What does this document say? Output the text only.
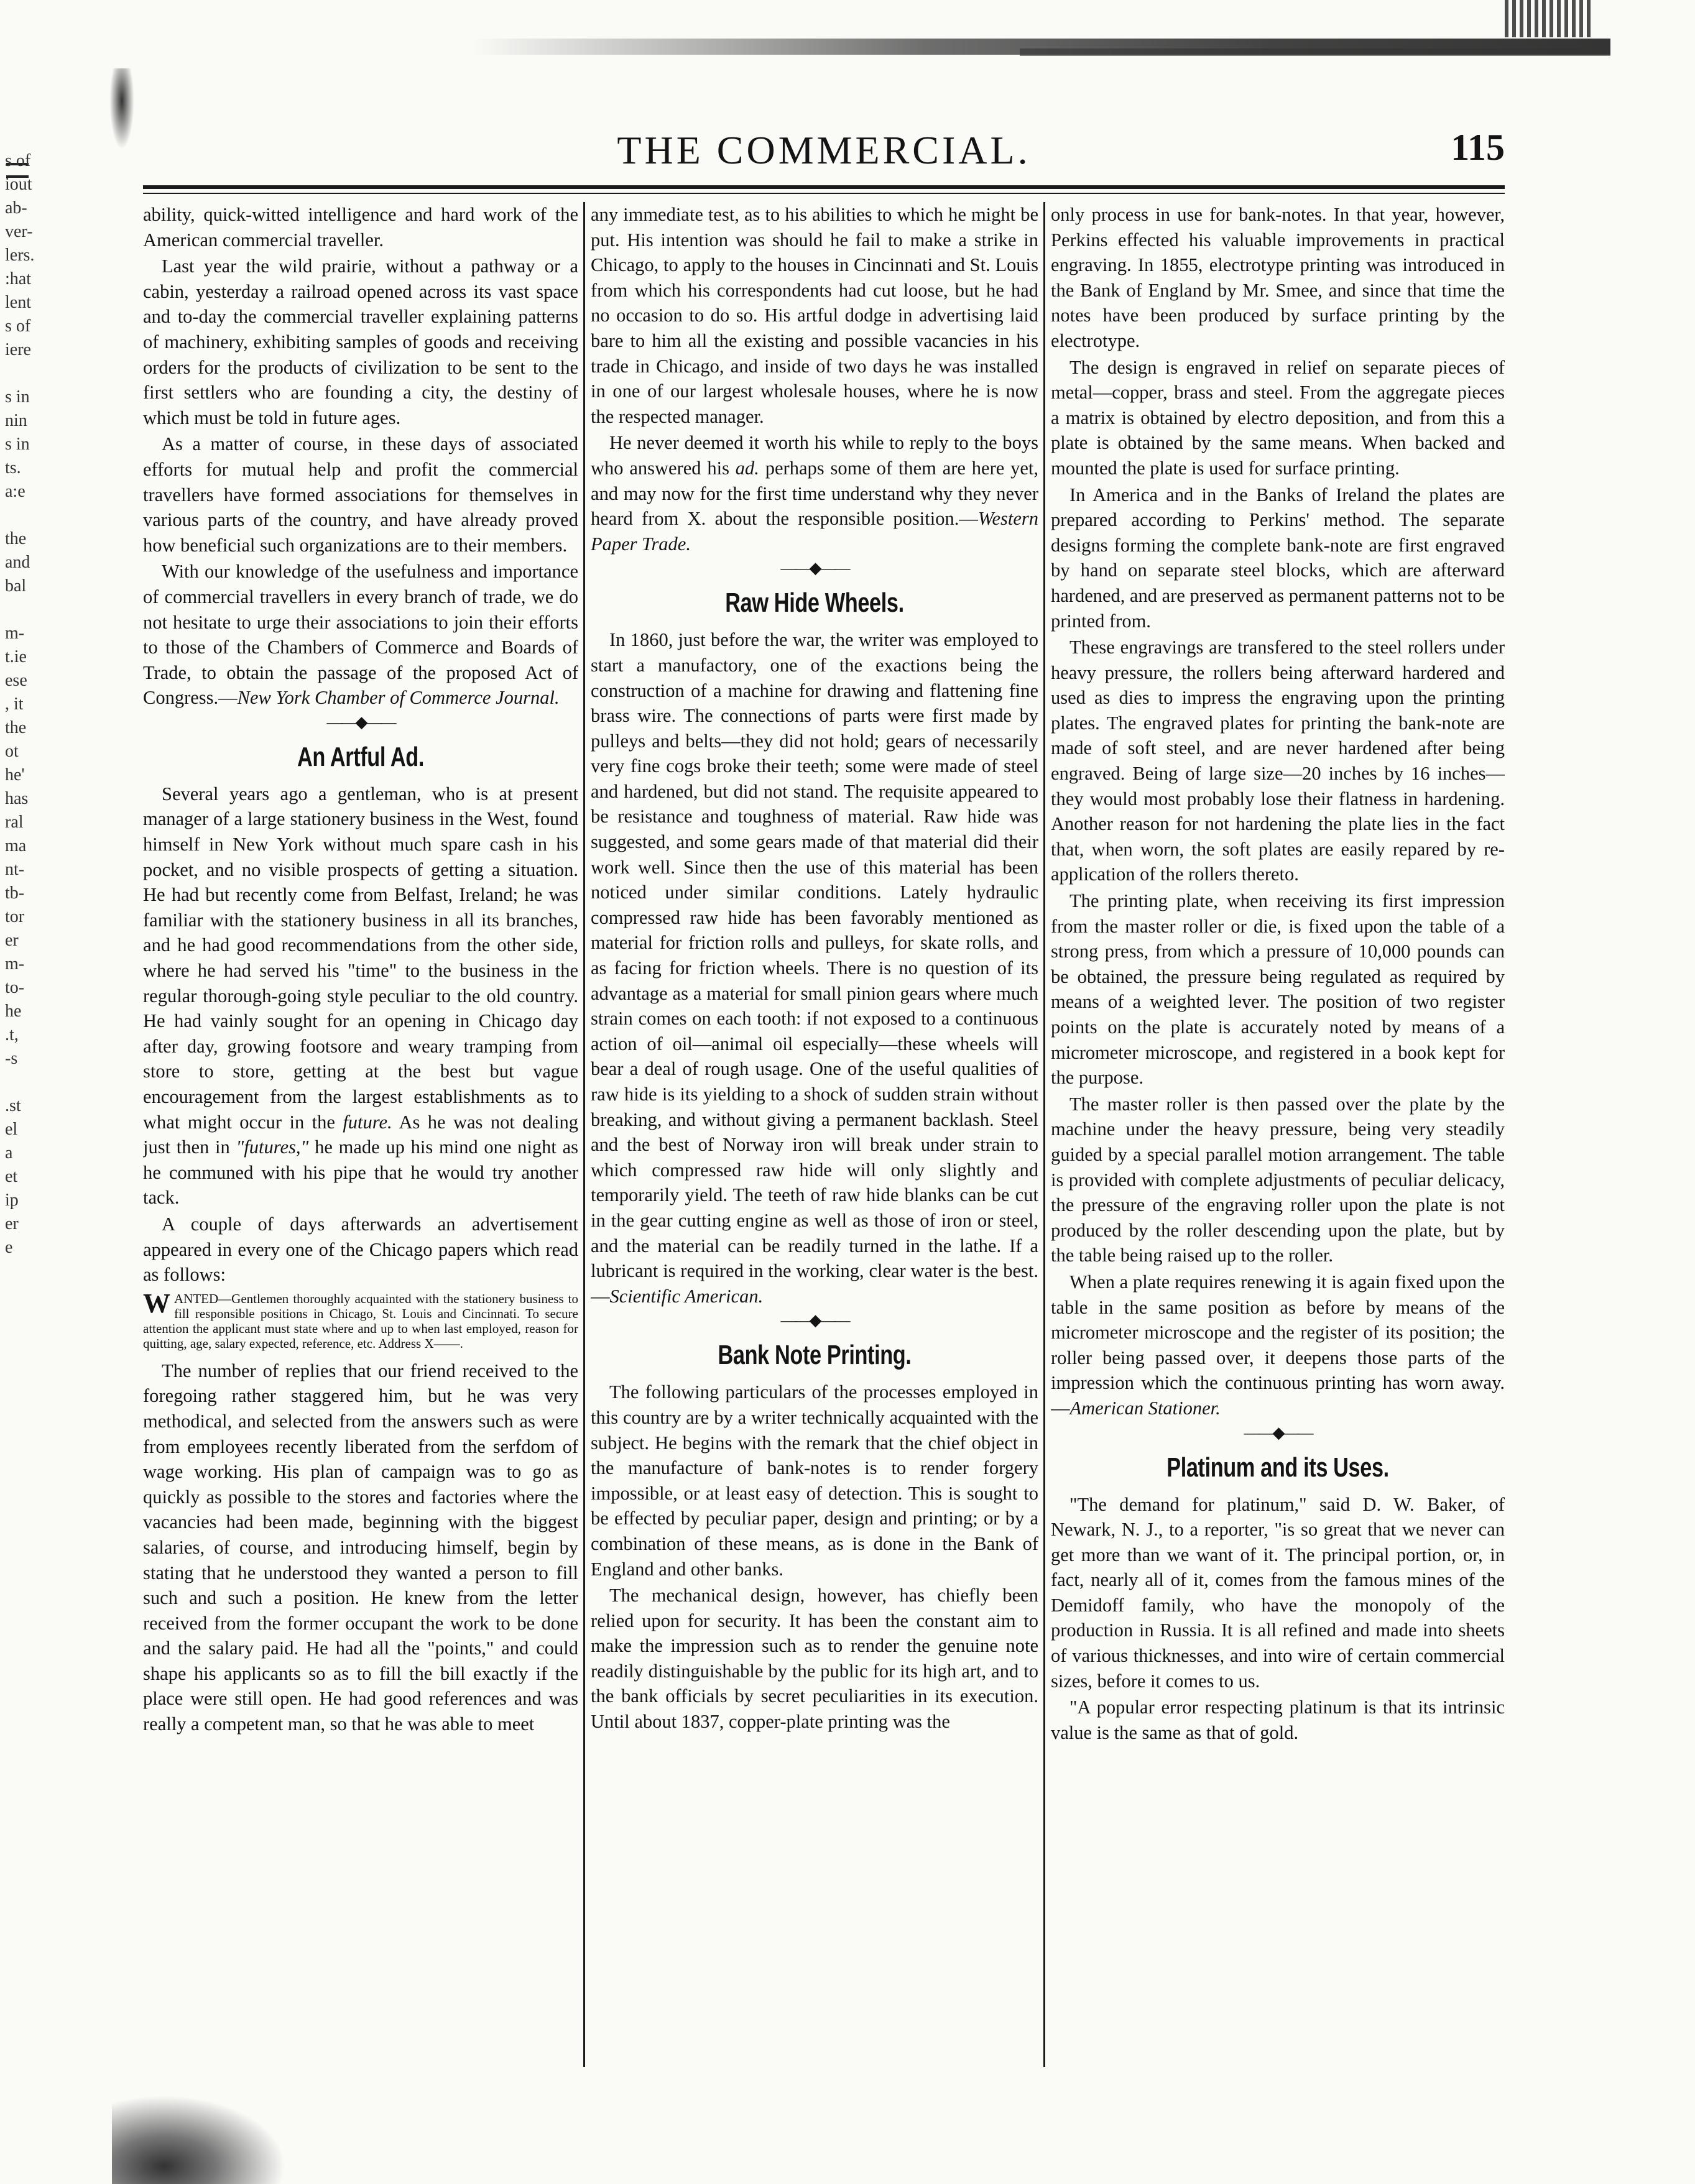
s of
iout
ab-
ver-
lers.
:hat
lent
s of
iere
s in
nin
s in
ts.
a:e
the
and
bal
m-
t.ie
ese
, it
the
ot
he'
has
ral
ma
nt-
tb-
tor
er
m-
to-
he
.t,
-s
.st
el
a
et
ip
er
e
THE COMMERCIAL.	115

ability, quick-witted intelligence and hard work of the American commercial traveller.

Last year the wild prairie, without a pathway or a cabin, yesterday a railroad opened across its vast space and to-day the commercial traveller explaining patterns of machinery, exhibiting samples of goods and receiving orders for the products of civilization to be sent to the first settlers who are founding a city, the destiny of which must be told in future ages.

As a matter of course, in these days of associated efforts for mutual help and profit the commercial travellers have formed associations for themselves in various parts of the country, and have already proved how beneficial such organizations are to their members.

With our knowledge of the usefulness and importance of commercial travellers in every branch of trade, we do not hesitate to urge their associations to join their efforts to those of the Chambers of Commerce and Boards of Trade, to obtain the passage of the proposed Act of Congress.—New York Chamber of Commerce Journal.

——◆——
An Artful Ad.

Several years ago a gentleman, who is at present manager of a large stationery business in the West, found himself in New York without much spare cash in his pocket, and no visible prospects of getting a situation. He had but recently come from Belfast, Ireland; he was familiar with the stationery business in all its branches, and he had good recommendations from the other side, where he had served his "time" to the business in the regular thorough-going style peculiar to the old country. He had vainly sought for an opening in Chicago day after day, growing footsore and weary tramping from store to store, getting at the best but vague encouragement from the largest establishments as to what might occur in the future. As he was not dealing just then in "futures," he made up his mind one night as he communed with his pipe that he would try another tack.

A couple of days afterwards an advertisement appeared in every one of the Chicago papers which read as follows:

WANTED—Gentlemen thoroughly acquainted with the stationery business to fill responsible positions in Chicago, St. Louis and Cincinnati. To secure attention the applicant must state where and up to when last employed, reason for quitting, age, salary expected, reference, etc. Address X——.

The number of replies that our friend received to the foregoing rather staggered him, but he was very methodical, and selected from the answers such as were from employees recently liberated from the serfdom of wage working. His plan of campaign was to go as quickly as possible to the stores and factories where the vacancies had been made, beginning with the biggest salaries, of course, and introducing himself, begin by stating that he understood they wanted a person to fill such and such a position. He knew from the letter received from the former occupant the work to be done and the salary paid. He had all the "points," and could shape his applicants so as to fill the bill exactly if the place were still open. He had good references and was really a competent man, so that he was able to meet

any immediate test, as to his abilities to which he might be put. His intention was should he fail to make a strike in Chicago, to apply to the houses in Cincinnati and St. Louis from which his correspondents had cut loose, but he had no occasion to do so. His artful dodge in advertising laid bare to him all the existing and possible vacancies in his trade in Chicago, and inside of two days he was installed in one of our largest wholesale houses, where he is now the respected manager.

He never deemed it worth his while to reply to the boys who answered his ad. perhaps some of them are here yet, and may now for the first time understand why they never heard from X. about the responsible position.—Western Paper Trade.

——◆——
Raw Hide Wheels.

In 1860, just before the war, the writer was employed to start a manufactory, one of the exactions being the construction of a machine for drawing and flattening fine brass wire. The connections of parts were first made by pulleys and belts—they did not hold; gears of necessarily very fine cogs broke their teeth; some were made of steel and hardened, but did not stand. The requisite appeared to be resistance and toughness of material. Raw hide was suggested, and some gears made of that material did their work well. Since then the use of this material has been noticed under similar conditions. Lately hydraulic compressed raw hide has been favorably mentioned as material for friction rolls and pulleys, for skate rolls, and as facing for friction wheels. There is no question of its advantage as a material for small pinion gears where much strain comes on each tooth: if not exposed to a continuous action of oil—animal oil especially—these wheels will bear a deal of rough usage. One of the useful qualities of raw hide is its yielding to a shock of sudden strain without breaking, and without giving a permanent backlash. Steel and the best of Norway iron will break under strain to which compressed raw hide will only slightly and temporarily yield. The teeth of raw hide blanks can be cut in the gear cutting engine as well as those of iron or steel, and the material can be readily turned in the lathe. If a lubricant is required in the working, clear water is the best.—Scientific American.

——◆——
Bank Note Printing.

The following particulars of the processes employed in this country are by a writer technically acquainted with the subject. He begins with the remark that the chief object in the manufacture of bank-notes is to render forgery impossible, or at least easy of detection. This is sought to be effected by peculiar paper, design and printing; or by a combination of these means, as is done in the Bank of England and other banks.

The mechanical design, however, has chiefly been relied upon for security. It has been the constant aim to make the impression such as to render the genuine note readily distinguishable by the public for its high art, and to the bank officials by secret peculiarities in its execution. Until about 1837, copper-plate printing was the

only process in use for bank-notes. In that year, however, Perkins effected his valuable improvements in practical engraving. In 1855, electrotype printing was introduced in the Bank of England by Mr. Smee, and since that time the notes have been produced by surface printing by the electrotype.

The design is engraved in relief on separate pieces of metal—copper, brass and steel. From the aggregate pieces a matrix is obtained by electro deposition, and from this a plate is obtained by the same means. When backed and mounted the plate is used for surface printing.

In America and in the Banks of Ireland the plates are prepared according to Perkins' method. The separate designs forming the complete bank-note are first engraved by hand on separate steel blocks, which are afterward hardened, and are preserved as permanent patterns not to be printed from.

These engravings are transfered to the steel rollers under heavy pressure, the rollers being afterward hardered and used as dies to impress the engraving upon the printing plates. The engraved plates for printing the bank-note are made of soft steel, and are never hardened after being engraved. Being of large size—20 inches by 16 inches—they would most probably lose their flatness in hardening. Another reason for not hardening the plate lies in the fact that, when worn, the soft plates are easily repared by re-application of the rollers thereto.

The printing plate, when receiving its first impression from the master roller or die, is fixed upon the table of a strong press, from which a pressure of 10,000 pounds can be obtained, the pressure being regulated as required by means of a weighted lever. The position of two register points on the plate is accurately noted by means of a micrometer microscope, and registered in a book kept for the purpose.

The master roller is then passed over the plate by the machine under the heavy pressure, being very steadily guided by a special parallel motion arrangement. The table is provided with complete adjustments of peculiar delicacy, the pressure of the engraving roller upon the plate is not produced by the roller descending upon the plate, but by the table being raised up to the roller.

When a plate requires renewing it is again fixed upon the table in the same position as before by means of the micrometer microscope and the register of its position; the roller being passed over, it deepens those parts of the impression which the continuous printing has worn away.—American Stationer.

——◆——
Platinum and its Uses.

"The demand for platinum," said D. W. Baker, of Newark, N. J., to a reporter, "is so great that we never can get more than we want of it. The principal portion, or, in fact, nearly all of it, comes from the famous mines of the Demidoff family, who have the monopoly of the production in Russia. It is all refined and made into sheets of various thicknesses, and into wire of certain commercial sizes, before it comes to us.

"A popular error respecting platinum is that its intrinsic value is the same as that of gold.
